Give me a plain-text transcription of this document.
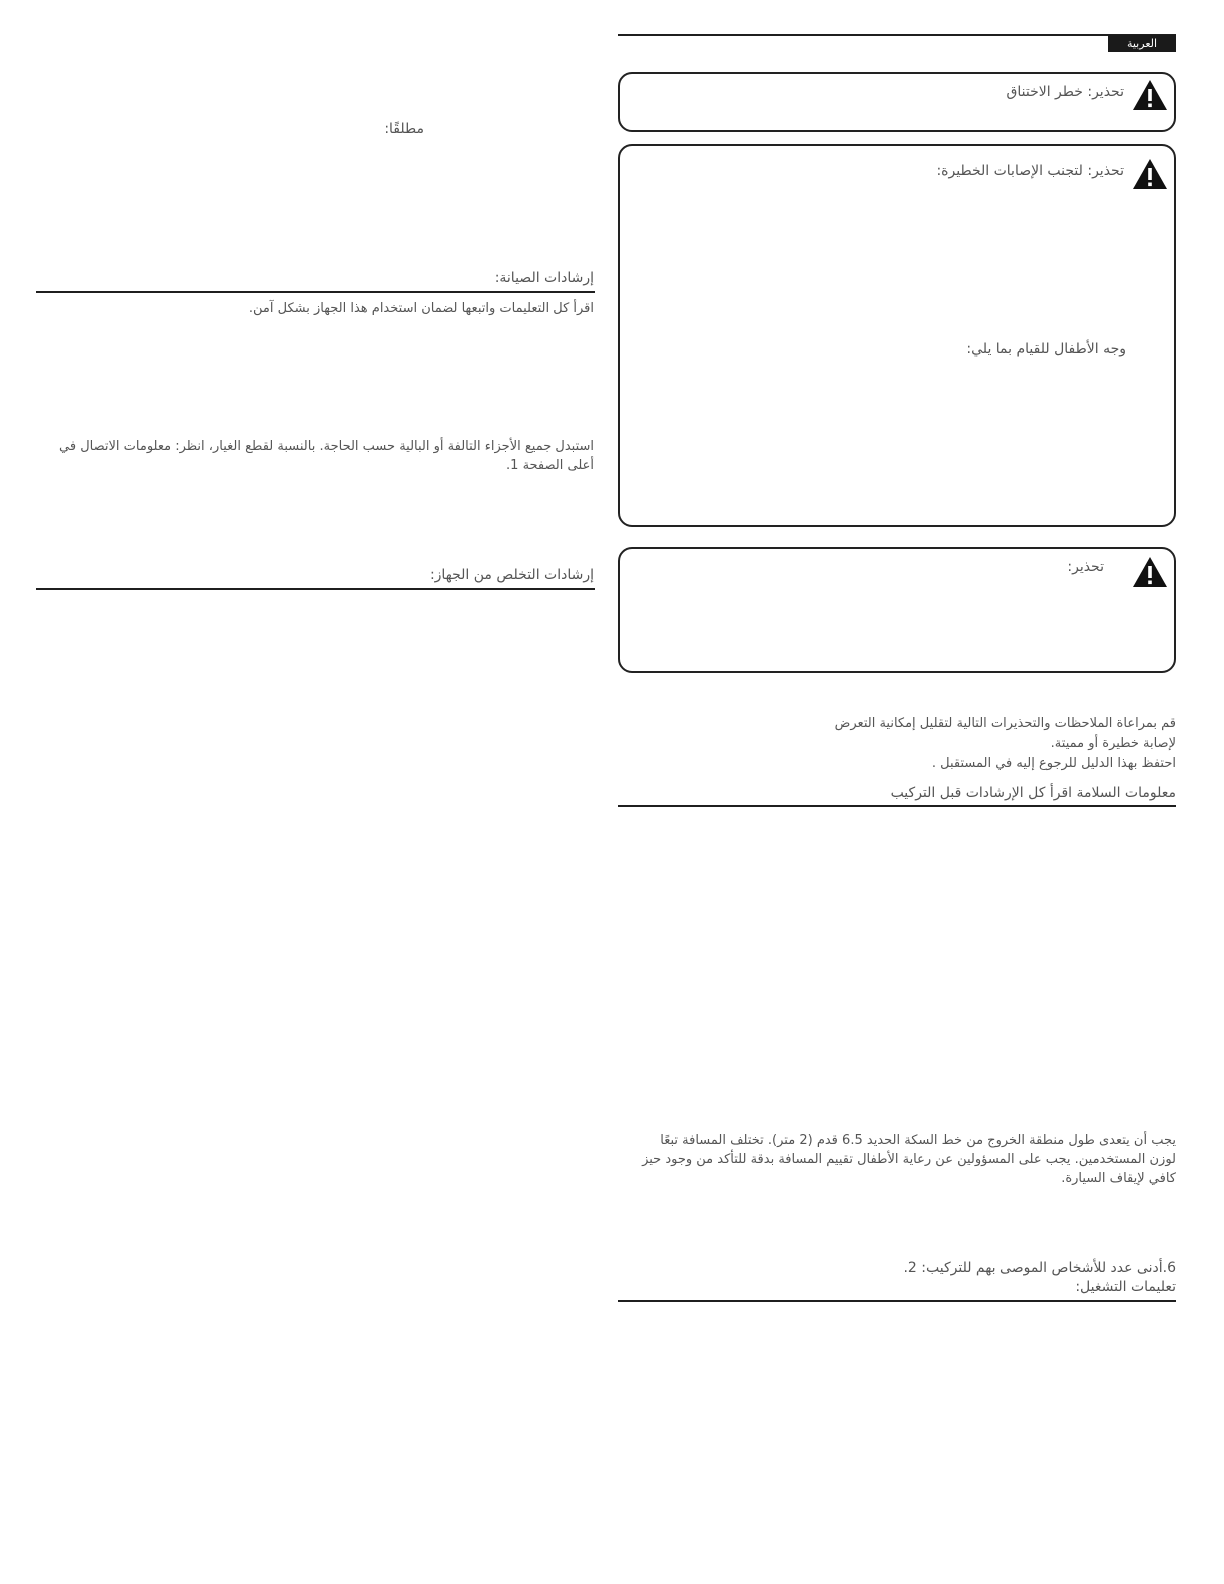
العربية
تحذير: خطر الاختناق
تحذير: لتجنب الإصابات الخطيرة:
وجه الأطفال للقيام بما يلي:
تحذير:
مطلقًا:
إرشادات الصيانة:
اقرأ كل التعليمات واتبعها لضمان استخدام هذا الجهاز بشكل آمن.
استبدل جميع الأجزاء التالفة أو البالية حسب الحاجة. بالنسبة لقطع الغيار، انظر: معلومات الاتصال في أعلى الصفحة 1.
إرشادات التخلص من الجهاز:
قم بمراعاة الملاحظات والتحذيرات التالية لتقليل إمكانية التعرض
لإصابة خطيرة أو مميتة.
احتفظ بهذا الدليل للرجوع إليه في المستقبل .
معلومات السلامة اقرأ كل الإرشادات قبل التركيب
يجب أن يتعدى طول منطقة الخروج من خط السكة الحديد 6.5 قدم (2 متر). تختلف المسافة تبعًا لوزن المستخدمين. يجب على المسؤولين عن رعاية الأطفال تقييم المسافة بدقة للتأكد من وجود حيز كافي لإيقاف السيارة.
6.أدنى عدد للأشخاص الموصى بهم للتركيب: 2.
تعليمات التشغيل:
